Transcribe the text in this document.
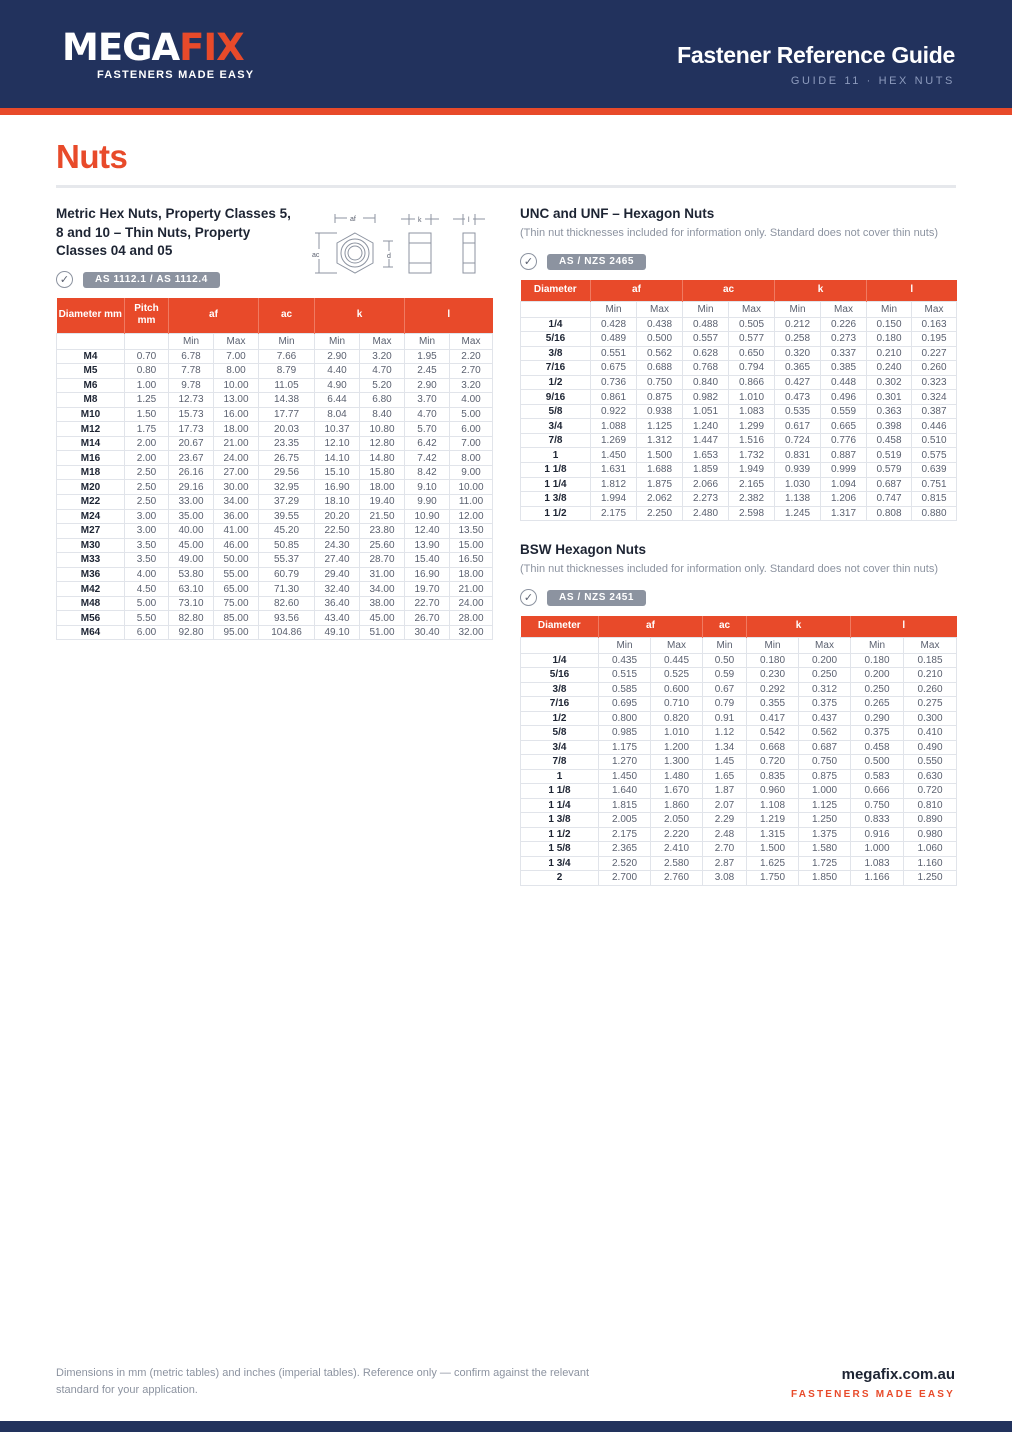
MEGAFIX
FASTENERS MADE EASY
Fastener Reference Guide
GUIDE 11 · HEX NUTS
Nuts
Metric Hex Nuts, Property Classes 5, 8 and 10 – Thin Nuts, Property Classes 04 and 05
af	k	l
ac	d
✓	AS 1112.1 / AS 1112.4
Diameter mm	Pitch mm	af		ac	k		l	
		Min	Max	Min	Min	Max	Min	Max
M4	0.70	6.78	7.00	7.66	2.90	3.20	1.95	2.20
M5	0.80	7.78	8.00	8.79	4.40	4.70	2.45	2.70
M6	1.00	9.78	10.00	11.05	4.90	5.20	2.90	3.20
M8	1.25	12.73	13.00	14.38	6.44	6.80	3.70	4.00
M10	1.50	15.73	16.00	17.77	8.04	8.40	4.70	5.00
M12	1.75	17.73	18.00	20.03	10.37	10.80	5.70	6.00
M14	2.00	20.67	21.00	23.35	12.10	12.80	6.42	7.00
M16	2.00	23.67	24.00	26.75	14.10	14.80	7.42	8.00
M18	2.50	26.16	27.00	29.56	15.10	15.80	8.42	9.00
M20	2.50	29.16	30.00	32.95	16.90	18.00	9.10	10.00
M22	2.50	33.00	34.00	37.29	18.10	19.40	9.90	11.00
M24	3.00	35.00	36.00	39.55	20.20	21.50	10.90	12.00
M27	3.00	40.00	41.00	45.20	22.50	23.80	12.40	13.50
M30	3.50	45.00	46.00	50.85	24.30	25.60	13.90	15.00
M33	3.50	49.00	50.00	55.37	27.40	28.70	15.40	16.50
M36	4.00	53.80	55.00	60.79	29.40	31.00	16.90	18.00
M42	4.50	63.10	65.00	71.30	32.40	34.00	19.70	21.00
M48	5.00	73.10	75.00	82.60	36.40	38.00	22.70	24.00
M56	5.50	82.80	85.00	93.56	43.40	45.00	26.70	28.00
M64	6.00	92.80	95.00	104.86	49.10	51.00	30.40	32.00
UNC and UNF – Hexagon Nuts
(Thin nut thicknesses included for information only. Standard does not cover thin nuts)
✓	AS / NZS 2465
Diameter	af		ac		k		l	
	Min	Max	Min	Max	Min	Max	Min	Max
1/4	0.428	0.438	0.488	0.505	0.212	0.226	0.150	0.163
5/16	0.489	0.500	0.557	0.577	0.258	0.273	0.180	0.195
3/8	0.551	0.562	0.628	0.650	0.320	0.337	0.210	0.227
7/16	0.675	0.688	0.768	0.794	0.365	0.385	0.240	0.260
1/2	0.736	0.750	0.840	0.866	0.427	0.448	0.302	0.323
9/16	0.861	0.875	0.982	1.010	0.473	0.496	0.301	0.324
5/8	0.922	0.938	1.051	1.083	0.535	0.559	0.363	0.387
3/4	1.088	1.125	1.240	1.299	0.617	0.665	0.398	0.446
7/8	1.269	1.312	1.447	1.516	0.724	0.776	0.458	0.510
1	1.450	1.500	1.653	1.732	0.831	0.887	0.519	0.575
1 1/8	1.631	1.688	1.859	1.949	0.939	0.999	0.579	0.639
1 1/4	1.812	1.875	2.066	2.165	1.030	1.094	0.687	0.751
1 3/8	1.994	2.062	2.273	2.382	1.138	1.206	0.747	0.815
1 1/2	2.175	2.250	2.480	2.598	1.245	1.317	0.808	0.880
BSW Hexagon Nuts
(Thin nut thicknesses included for information only. Standard does not cover thin nuts)
✓	AS / NZS 2451
Diameter	af		ac	k		l	
	Min	Max	Min	Min	Max	Min	Max
1/4	0.435	0.445	0.50	0.180	0.200	0.180	0.185
5/16	0.515	0.525	0.59	0.230	0.250	0.200	0.210
3/8	0.585	0.600	0.67	0.292	0.312	0.250	0.260
7/16	0.695	0.710	0.79	0.355	0.375	0.265	0.275
1/2	0.800	0.820	0.91	0.417	0.437	0.290	0.300
5/8	0.985	1.010	1.12	0.542	0.562	0.375	0.410
3/4	1.175	1.200	1.34	0.668	0.687	0.458	0.490
7/8	1.270	1.300	1.45	0.720	0.750	0.500	0.550
1	1.450	1.480	1.65	0.835	0.875	0.583	0.630
1 1/8	1.640	1.670	1.87	0.960	1.000	0.666	0.720
1 1/4	1.815	1.860	2.07	1.108	1.125	0.750	0.810
1 3/8	2.005	2.050	2.29	1.219	1.250	0.833	0.890
1 1/2	2.175	2.220	2.48	1.315	1.375	0.916	0.980
1 5/8	2.365	2.410	2.70	1.500	1.580	1.000	1.060
1 3/4	2.520	2.580	2.87	1.625	1.725	1.083	1.160
2	2.700	2.760	3.08	1.750	1.850	1.166	1.250
Dimensions in mm (metric tables) and inches (imperial tables). Reference only — confirm against the relevant standard for your application.
megafix.com.au
FASTENERS MADE EASY
